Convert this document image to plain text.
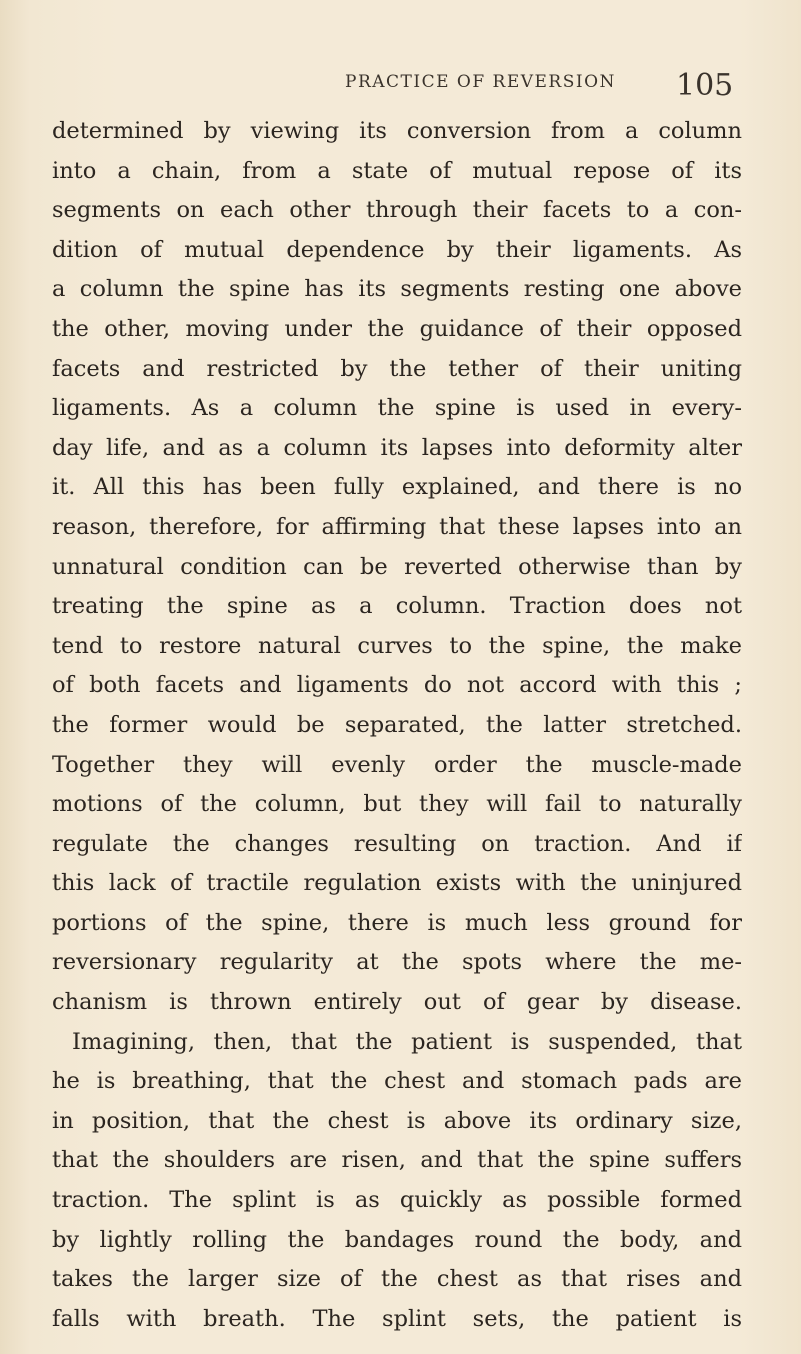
PRACTICE OF REVERSION 105
determined by viewing its conversion from a column
into a chain, from a state of mutual repose of its
segments on each other through their facets to a con-
dition of mutual dependence by their ligaments. As
a column the spine has its segments resting one above
the other, moving under the guidance of their opposed
facets and restricted by the tether of their uniting
ligaments. As a column the spine is used in every-
day life, and as a column its lapses into deformity alter
it. All this has been fully explained, and there is no
reason, therefore, for affirming that these lapses into an
unnatural condition can be reverted otherwise than by
treating the spine as a column. Traction does not
tend to restore natural curves to the spine, the make
of both facets and ligaments do not accord with this ;
the former would be separated, the latter stretched.
Together they will evenly order the muscle-made
motions of the column, but they will fail to naturally
regulate the changes resulting on traction. And if
this lack of tractile regulation exists with the uninjured
portions of the spine, there is much less ground for
reversionary regularity at the spots where the me-
chanism is thrown entirely out of gear by disease.
Imagining, then, that the patient is suspended, that
he is breathing, that the chest and stomach pads are
in position, that the chest is above its ordinary size,
that the shoulders are risen, and that the spine suffers
traction. The splint is as quickly as possible formed
by lightly rolling the bandages round the body, and
takes the larger size of the chest as that rises and
falls with breath. The splint sets, the patient is
